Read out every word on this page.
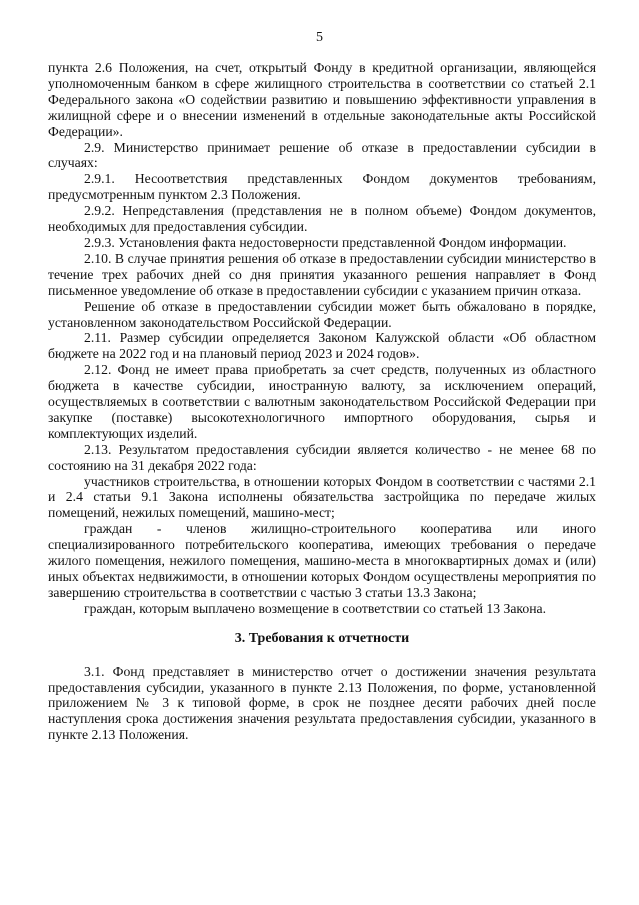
5

пункта 2.6 Положения, на счет, открытый Фонду в кредитной организации, являющейся уполномоченным банком в сфере жилищного строительства в соответствии со статьей 2.1 Федерального закона «О содействии развитию и повышению эффективности управления в жилищной сфере и о внесении изменений в отдельные законодательные акты Российской Федерации».

2.9. Министерство принимает решение об отказе в предоставлении субсидии в случаях:

2.9.1. Несоответствия представленных Фондом документов требованиям, предусмотренным пунктом 2.3 Положения.

2.9.2. Непредставления (представления не в полном объеме) Фондом документов, необходимых для предоставления субсидии.

2.9.3. Установления факта недостоверности представленной Фондом информации.

2.10. В случае принятия решения об отказе в предоставлении субсидии министерство в течение трех рабочих дней со дня принятия указанного решения направляет в Фонд письменное уведомление об отказе в предоставлении субсидии с указанием причин отказа.

Решение об отказе в предоставлении субсидии может быть обжаловано в порядке, установленном законодательством Российской Федерации.

2.11. Размер субсидии определяется Законом Калужской области «Об областном бюджете на 2022 год и на плановый период 2023 и 2024 годов».

2.12. Фонд не имеет права приобретать за счет средств, полученных из областного бюджета в качестве субсидии, иностранную валюту, за исключением операций, осуществляемых в соответствии с валютным законодательством Российской Федерации при закупке (поставке) высокотехнологичного импортного оборудования, сырья и комплектующих изделий.

2.13. Результатом предоставления субсидии является количество - не менее 68 по состоянию на 31 декабря 2022 года:

участников строительства, в отношении которых Фондом в соответствии с частями 2.1 и 2.4 статьи 9.1 Закона исполнены обязательства застройщика по передаче жилых помещений, нежилых помещений, машино-мест;

граждан - членов жилищно-строительного кооператива или иного специализированного потребительского кооператива, имеющих требования о передаче жилого помещения, нежилого помещения, машино-места в многоквартирных домах и (или) иных объектах недвижимости, в отношении которых Фондом осуществлены мероприятия по завершению строительства в соответствии с частью 3 статьи 13.3 Закона;

граждан, которым выплачено возмещение в соответствии со статьей 13 Закона.

3. Требования к отчетности

3.1. Фонд представляет в министерство отчет о достижении значения результата предоставления субсидии, указанного в пункте 2.13 Положения, по форме, установленной приложением № 3 к типовой форме, в срок не позднее десяти рабочих дней после наступления срока достижения значения результата предоставления субсидии, указанного в пункте 2.13 Положения.
